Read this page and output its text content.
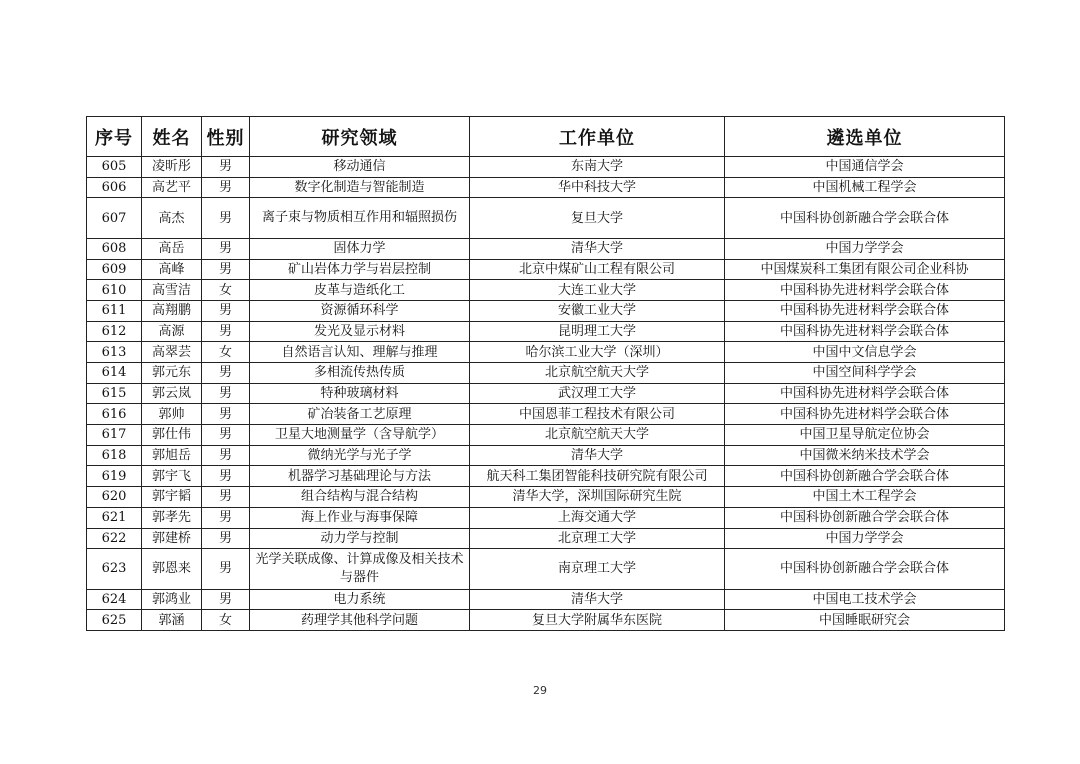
序号	姓名	性别	研究领域	工作单位	遴选单位
605	凌昕彤	男	移动通信	东南大学	中国通信学会
606	高艺平	男	数字化制造与智能制造	华中科技大学	中国机械工程学会
607	高杰	男	离子束与物质相互作用和辐照损伤	复旦大学	中国科协创新融合学会联合体
608	高岳	男	固体力学	清华大学	中国力学学会
609	高峰	男	矿山岩体力学与岩层控制	北京中煤矿山工程有限公司	中国煤炭科工集团有限公司企业科协
610	高雪洁	女	皮革与造纸化工	大连工业大学	中国科协先进材料学会联合体
611	高翔鹏	男	资源循环科学	安徽工业大学	中国科协先进材料学会联合体
612	高源	男	发光及显示材料	昆明理工大学	中国科协先进材料学会联合体
613	高翠芸	女	自然语言认知、理解与推理	哈尔滨工业大学（深圳）	中国中文信息学会
614	郭元东	男	多相流传热传质	北京航空航天大学	中国空间科学学会
615	郭云岚	男	特种玻璃材料	武汉理工大学	中国科协先进材料学会联合体
616	郭帅	男	矿冶装备工艺原理	中国恩菲工程技术有限公司	中国科协先进材料学会联合体
617	郭仕伟	男	卫星大地测量学（含导航学）	北京航空航天大学	中国卫星导航定位协会
618	郭旭岳	男	微纳光学与光子学	清华大学	中国微米纳米技术学会
619	郭宇飞	男	机器学习基础理论与方法	航天科工集团智能科技研究院有限公司	中国科协创新融合学会联合体
620	郭宇韬	男	组合结构与混合结构	清华大学，深圳国际研究生院	中国土木工程学会
621	郭孝先	男	海上作业与海事保障	上海交通大学	中国科协创新融合学会联合体
622	郭建桥	男	动力学与控制	北京理工大学	中国力学学会
623	郭恩来	男	光学关联成像、计算成像及相关技术与器件	南京理工大学	中国科协创新融合学会联合体
624	郭鸿业	男	电力系统	清华大学	中国电工技术学会
625	郭涵	女	药理学其他科学问题	复旦大学附属华东医院	中国睡眠研究会
29
